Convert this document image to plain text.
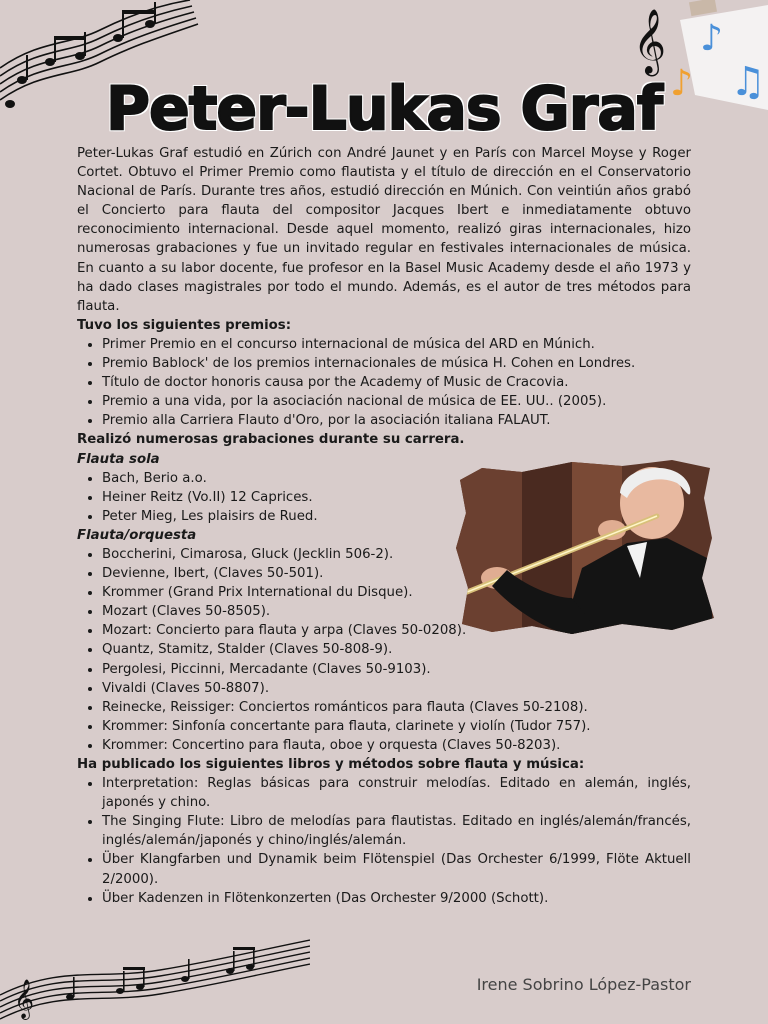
𝄞 ♪
♫
♪
Peter-Lukas Graf

Peter-Lukas Graf estudió en Zúrich con André Jaunet y en París con Marcel Moyse y Roger Cortet. Obtuvo el Primer Premio como flautista y el título de dirección en el Conservatorio Nacional de París. Durante tres años, estudió dirección en Múnich. Con veintiún años grabó el Concierto para flauta del compositor Jacques Ibert e inmediatamente obtuvo reconocimiento internacional. Desde aquel momento, realizó giras internacionales, hizo numerosas grabaciones y fue un invitado regular en festivales internacionales de música. En cuanto a su labor docente, fue profesor en la Basel Music Academy desde el año 1973 y ha dado clases magistrales por todo el mundo. Además, es el autor de tres métodos para flauta.

Tuvo los siguientes premios:

• Primer Premio en el concurso internacional de música del ARD en Múnich.
• Premio Bablock' de los premios internacionales de música H. Cohen en Londres.
• Título de doctor honoris causa por the Academy of Music de Cracovia.
• Premio a una vida, por la asociación nacional de música de EE. UU.. (2005).
• Premio alla Carriera Flauto d'Oro, por la asociación italiana FALAUT.

Realizó numerosas grabaciones durante su carrera.

Flauta sola

• Bach, Berio a.o.
• Heiner Reitz (Vo.II) 12 Caprices.
• Peter Mieg, Les plaisirs de Rued.

Flauta/orquesta

• Boccherini, Cimarosa, Gluck (Jecklin 506-2).
• Devienne, Ibert, (Claves 50-501).
• Krommer (Grand Prix International du Disque).
• Mozart (Claves 50-8505).
• Mozart: Concierto para flauta y arpa (Claves 50-0208).
• Quantz, Stamitz, Stalder (Claves 50-808-9).
• Pergolesi, Piccinni, Mercadante (Claves 50-9103).
• Vivaldi (Claves 50-8807).
• Reinecke, Reissiger: Conciertos románticos para flauta (Claves 50-2108).
• Krommer: Sinfonía concertante para flauta, clarinete y violín (Tudor 757).
• Krommer: Concertino para flauta, oboe y orquesta (Claves 50-8203).

Ha publicado los siguientes libros y métodos sobre flauta y música:

• Interpretation: Reglas básicas para construir melodías. Editado en alemán, inglés, japonés y chino.
• The Singing Flute: Libro de melodías para flautistas. Editado en inglés/alemán/francés, inglés/alemán/japonés y chino/inglés/alemán.
• Über Klangfarben und Dynamik beim Flötenspiel (Das Orchester 6/1999, Flöte Aktuell 2/2000).
• Über Kadenzen in Flötenkonzerten (Das Orchester 9/2000 (Schott).
𝄞	Irene Sobrino López-Pastor
